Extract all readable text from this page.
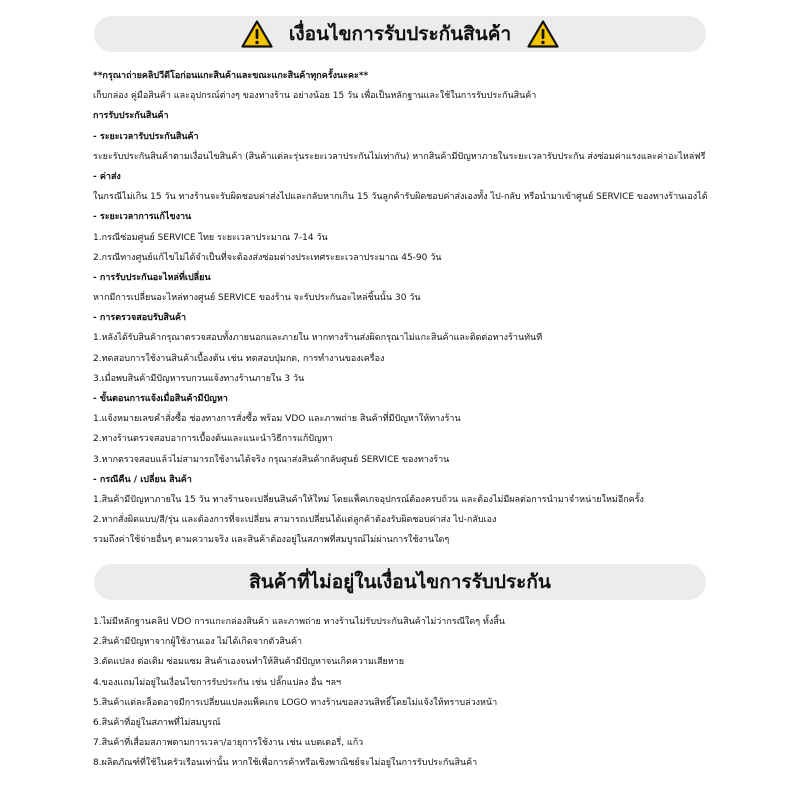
เงื่อนไขการรับประกันสินค้า
**กรุณาถ่ายคลิปวีดีโอก่อนแกะสินค้าและขณะแกะสินค้าทุกครั้งนะคะ**
เก็บกล่อง คู่มือสินค้า และอุปกรณ์ต่างๆ ของทางร้าน อย่างน้อย 15 วัน เพื่อเป็นหลักฐานและใช้ในการรับประกันสินค้า
การรับประกันสินค้า
- ระยะเวลารับประกันสินค้า
ระยะรับประกันสินค้าตามเงื่อนไขสินค้า (สินค้าแต่ละรุ่นระยะเวลาประกันไม่เท่ากัน) หากสินค้ามีปัญหาภายในระยะเวลารับประกัน ส่งซ่อมค่าแรงและค่าอะไหล่ฟรี
- ค่าส่ง
ในกรณีไม่เกิน 15 วัน ทางร้านจะรับผิดชอบค่าส่งไปและกลับหากเกิน 15 วันลูกค้ารับผิดชอบค่าส่งเองทั้ง ไป-กลับ หรือนำมาเข้าศูนย์ SERVICE ของทางร้านเองได้
- ระยะเวลาการแก้ไขงาน
1.กรณีซ่อมศูนย์ SERVICE ไทย ระยะเวลาประมาณ 7-14 วัน
2.กรณีทางศูนย์แก้ไขไม่ได้จำเป็นที่จะต้องส่งซ่อมต่างประเทศระยะเวลาประมาณ 45-90 วัน
- การรับประกันอะไหล่ที่เปลี่ยน
หากมีการเปลี่ยนอะไหล่ทางศูนย์ SERVICE ของร้าน จะรับประกันอะไหล่ชิ้นนั้น 30 วัน
- การตรวจสอบรับสินค้า
1.หลังได้รับสินค้ากรุณาตรวจสอบทั้งภายนอกและภายใน หากทางร้านส่งผิดกรุณาไม่แกะสินค้าและติดต่อทางร้านทันที
2.ทดสอบการใช้งานสินค้าเบื้องต้น เช่น ทดสอบปุ่มกด, การทำงานของเครื่อง
3.เมื่อพบสินค้ามีปัญหารบกวนแจ้งทางร้านภายใน 3 วัน
- ขั้นตอนการแจ้งเมื่อสินค้ามีปัญหา
1.แจ้งหมายเลขคำสั่งซื้อ ช่องทางการสั่งซื้อ พร้อม VDO และภาพถ่าย สินค้าที่มีปัญหาให้ทางร้าน
2.ทางร้านตรวจสอบอาการเบื้องต้นและแนะนำวิธีการแก้ปัญหา
3.หากตรวจสอบแล้วไม่สามารถใช้งานได้จริง กรุณาส่งสินค้ากลับศูนย์ SERVICE ของทางร้าน
- กรณีคืน / เปลี่ยน สินค้า
1.สินค้ามีปัญหาภายใน 15 วัน ทางร้านจะเปลี่ยนสินค้าให้ใหม่ โดยแพ็คเกจอุปกรณ์ต้องครบถ้วน และต้องไม่มีผลต่อการนำมาจำหน่ายใหม่อีกครั้ง
2.หากสั่งผิดแบบ/สี/รุ่น และต้องการที่จะเปลี่ยน สามารถเปลี่ยนได้แต่ลูกค้าต้องรับผิดชอบค่าส่ง ไป-กลับเอง
รวมถึงค่าใช้จ่ายอื่นๆ ตามความจริง และสินค้าต้องอยู่ในสภาพที่สมบูรณ์ไม่ผ่านการใช้งานใดๆ
สินค้าที่ไม่อยู่ในเงื่อนไขการรับประกัน
1.ไม่มีหลักฐานคลิป VDO การแกะกล่องสินค้า และภาพถ่าย ทางร้านไม่รับประกันสินค้าไม่ว่ากรณีใดๆ ทั้งสิ้น
2.สินค้ามีปัญหาจากผู้ใช้งานเอง ไม่ได้เกิดจากตัวสินค้า
3.ดัดแปลง ต่อเติม ซ่อมแซม สินค้าเองจนทำให้สินค้ามีปัญหาจนเกิดความเสียหาย
4.ของแถมไม่อยู่ในเงื่อนไขการรับประกัน เช่น ปลั๊กแปลง อื่น ฯลฯ
5.สินค้าแต่ละล็อตอาจมีการเปลี่ยนแปลงแพ็คเกจ LOGO ทางร้านขอสงวนสิทธิ์โดยไม่แจ้งให้ทราบล่วงหน้า
6.สินค้าที่อยู่ในสภาพที่ไม่สมบูรณ์
7.สินค้าที่เสื่อมสภาพตามการเวลา/อายุการใช้งาน เช่น แบตเตอรี่, แก้ว
8.ผลิตภัณฑ์ที่ใช้ในครัวเรือนเท่านั้น หากใช้เพื่อการค้าหรือเชิงพาณิชย์จะไม่อยู่ในการรับประกันสินค้า
